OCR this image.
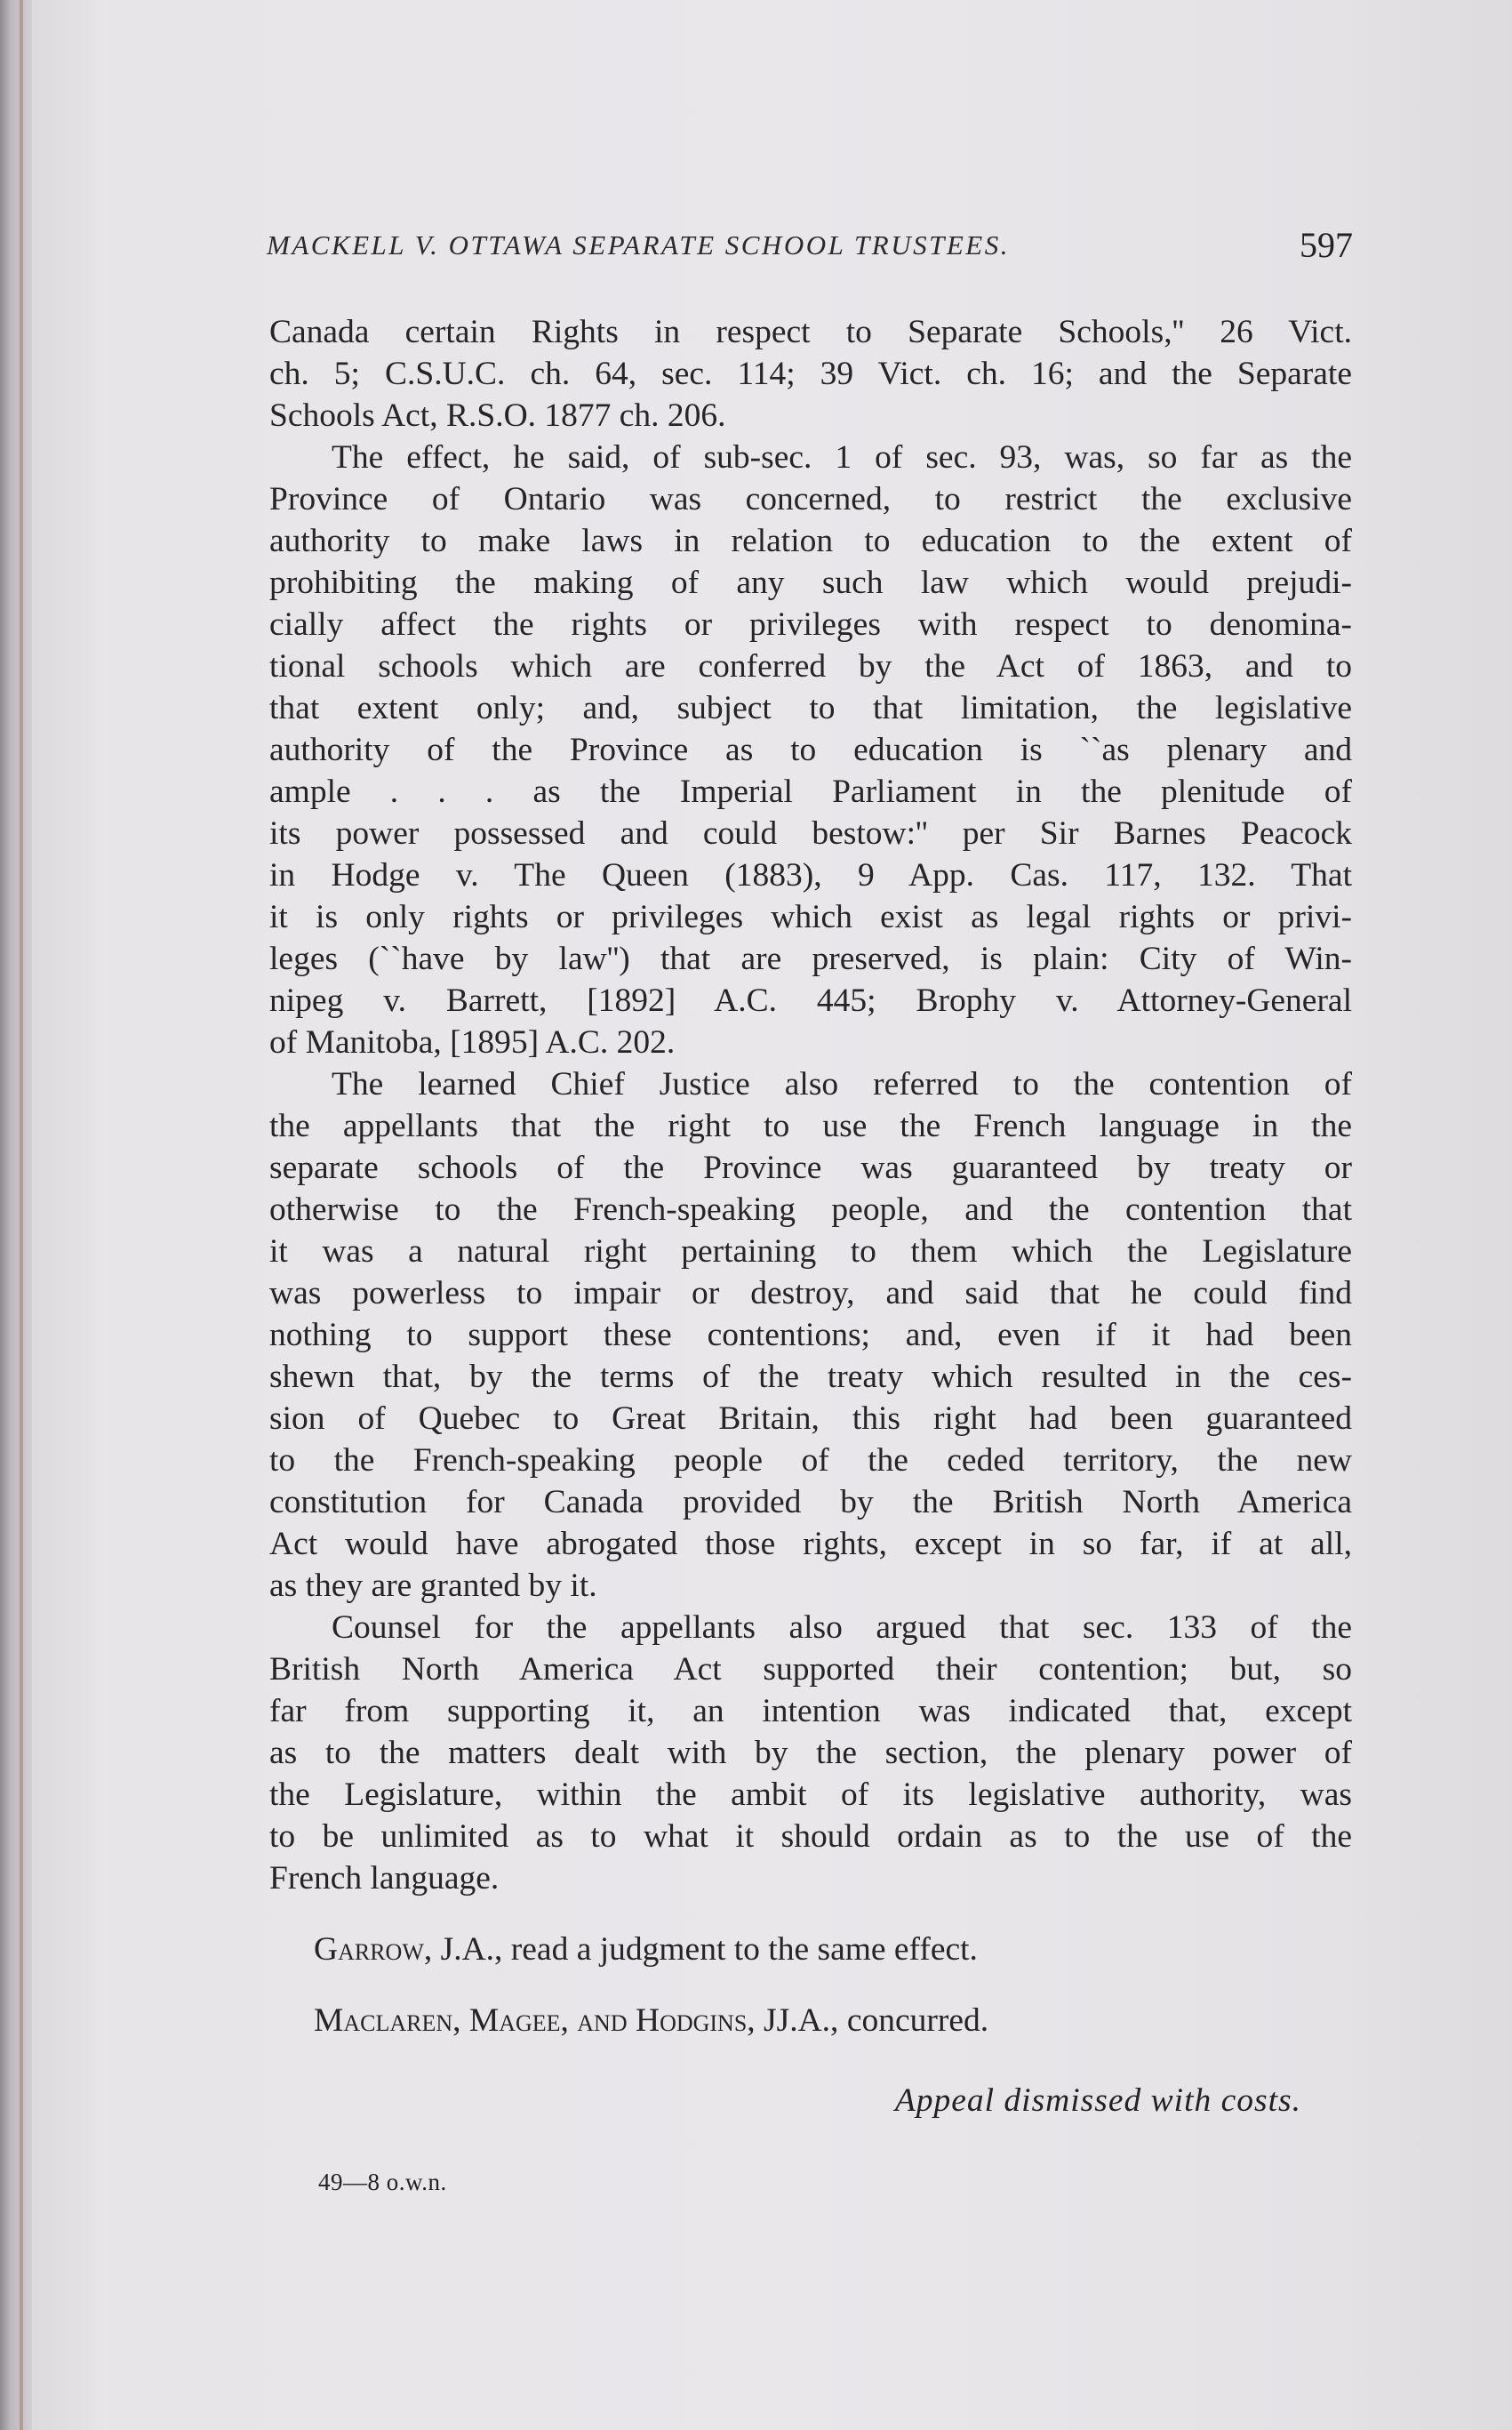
MACKELL V. OTTAWA SEPARATE SCHOOL TRUSTEES.	597

Canada certain Rights in respect to Separate Schools,'' 26 Vict.
ch. 5; C.S.U.C. ch. 64, sec. 114; 39 Vict. ch. 16; and the Separate
Schools Act, R.S.O. 1877 ch. 206.

The effect, he said, of sub-sec. 1 of sec. 93, was, so far as the
Province of Ontario was concerned, to restrict the exclusive
authority to make laws in relation to education to the extent of
prohibiting the making of any such law which would prejudi-
cially affect the rights or privileges with respect to denomina-
tional schools which are conferred by the Act of 1863, and to
that extent only; and, subject to that limitation, the legislative
authority of the Province as to education is ``as plenary and
ample . . . as the Imperial Parliament in the plenitude of
its power possessed and could bestow:'' per Sir Barnes Peacock
in Hodge v. The Queen (1883), 9 App. Cas. 117, 132. That
it is only rights or privileges which exist as legal rights or privi-
leges (``have by law'') that are preserved, is plain: City of Win-
nipeg v. Barrett, [1892] A.C. 445; Brophy v. Attorney-General
of Manitoba, [1895] A.C. 202.

The learned Chief Justice also referred to the contention of
the appellants that the right to use the French language in the
separate schools of the Province was guaranteed by treaty or
otherwise to the French-speaking people, and the contention that
it was a natural right pertaining to them which the Legislature
was powerless to impair or destroy, and said that he could find
nothing to support these contentions; and, even if it had been
shewn that, by the terms of the treaty which resulted in the ces-
sion of Quebec to Great Britain, this right had been guaranteed
to the French-speaking people of the ceded territory, the new
constitution for Canada provided by the British North America
Act would have abrogated those rights, except in so far, if at all,
as they are granted by it.

Counsel for the appellants also argued that sec. 133 of the
British North America Act supported their contention; but, so
far from supporting it, an intention was indicated that, except
as to the matters dealt with by the section, the plenary power of
the Legislature, within the ambit of its legislative authority, was
to be unlimited as to what it should ordain as to the use of the
French language.

Garrow, J.A., read a judgment to the same effect.

Maclaren, Magee, and Hodgins, JJ.A., concurred.

Appeal dismissed with costs.
49—8 o.w.n.
